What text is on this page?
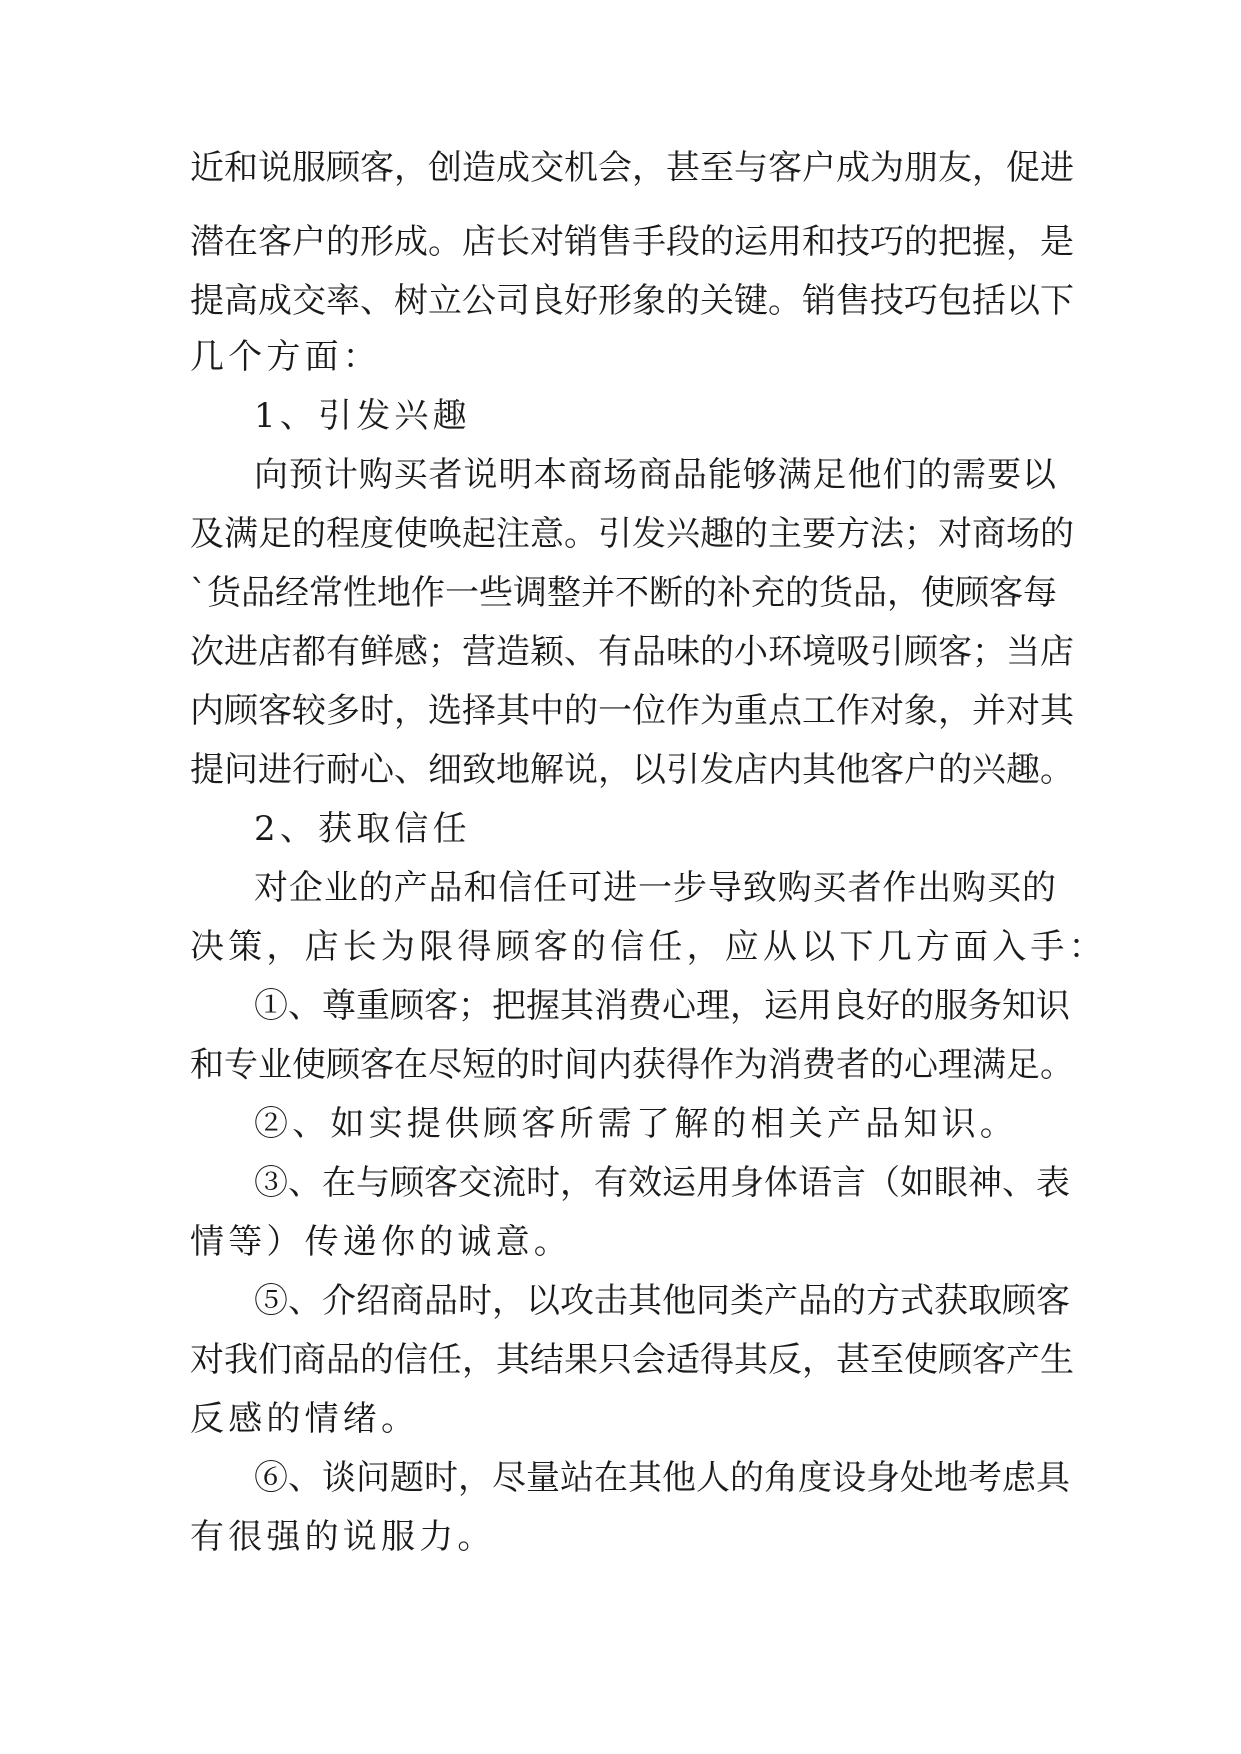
近和说服顾客，创造成交机会，甚至与客户成为朋友，促进
潜在客户的形成。店长对销售手段的运用和技巧的把握，是
提高成交率、树立公司良好形象的关键。销售技巧包括以下
几个方面：
1、引发兴趣
向预计购买者说明本商场商品能够满足他们的需要以
及满足的程度使唤起注意。引发兴趣的主要方法；对商场的
`货品经常性地作一些调整并不断的补充的货品，使顾客每
次进店都有鲜感；营造颖、有品味的小环境吸引顾客；当店
内顾客较多时，选择其中的一位作为重点工作对象，并对其
提问进行耐心、细致地解说，以引发店内其他客户的兴趣。
2、获取信任
对企业的产品和信任可进一步导致购买者作出购买的
决策，店长为限得顾客的信任，应从以下几方面入手：
①、尊重顾客；把握其消费心理，运用良好的服务知识
和专业使顾客在尽短的时间内获得作为消费者的心理满足。
②、如实提供顾客所需了解的相关产品知识。
③、在与顾客交流时，有效运用身体语言（如眼神、表
情等）传递你的诚意。
⑤、介绍商品时，以攻击其他同类产品的方式获取顾客
对我们商品的信任，其结果只会适得其反，甚至使顾客产生
反感的情绪。
⑥、谈问题时，尽量站在其他人的角度设身处地考虑具
有很强的说服力。
